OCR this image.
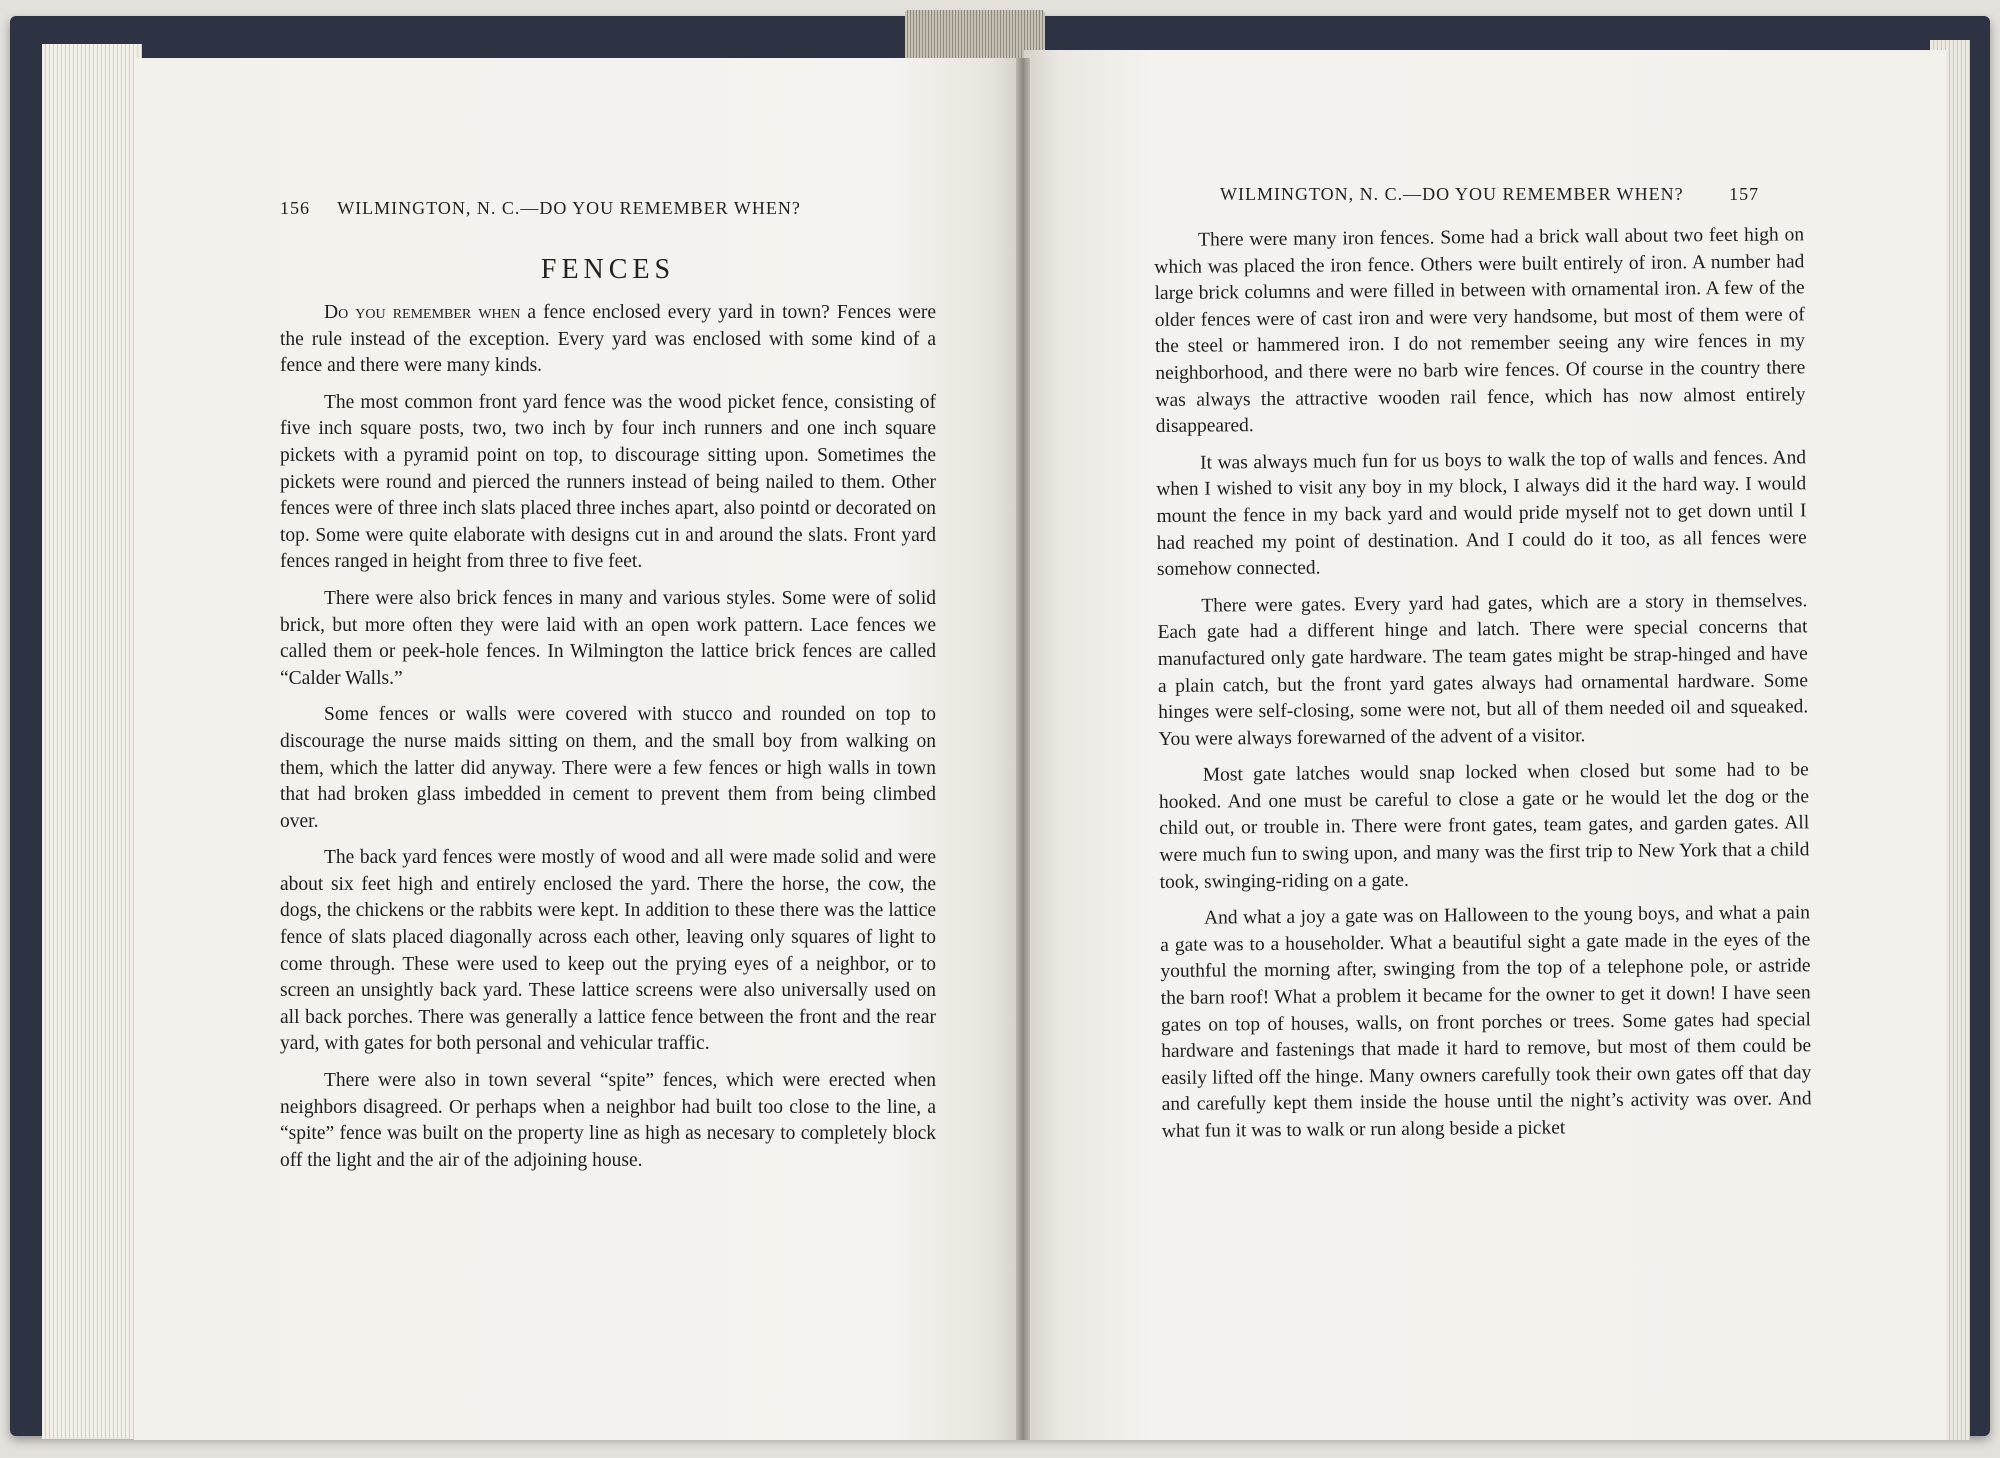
156 WILMINGTON, N. C.—DO YOU REMEMBER WHEN?
FENCES

Do you remember when a fence enclosed every yard in town? Fences were the rule instead of the exception. Every yard was enclosed with some kind of a fence and there were many kinds.

The most common front yard fence was the wood picket fence, consisting of five inch square posts, two, two inch by four inch runners and one inch square pickets with a pyramid point on top, to discourage sitting upon. Sometimes the pickets were round and pierced the runners instead of being nailed to them. Other fences were of three inch slats placed three inches apart, also pointd or decorated on top. Some were quite elaborate with designs cut in and around the slats. Front yard fences ranged in height from three to five feet.

There were also brick fences in many and various styles. Some were of solid brick, but more often they were laid with an open work pattern. Lace fences we called them or peek-hole fences. In Wilmington the lattice brick fences are called “Calder Walls.”

Some fences or walls were covered with stucco and rounded on top to discourage the nurse maids sitting on them, and the small boy from walking on them, which the latter did anyway. There were a few fences or high walls in town that had broken glass imbedded in cement to prevent them from being climbed over.

The back yard fences were mostly of wood and all were made solid and were about six feet high and entirely enclosed the yard. There the horse, the cow, the dogs, the chickens or the rabbits were kept. In addition to these there was the lattice fence of slats placed diagonally across each other, leaving only squares of light to come through. These were used to keep out the prying eyes of a neighbor, or to screen an unsightly back yard. These lattice screens were also universally used on all back porches. There was generally a lattice fence between the front and the rear yard, with gates for both personal and vehicular traffic.

There were also in town several “spite” fences, which were erected when neighbors disagreed. Or perhaps when a neighbor had built too close to the line, a “spite” fence was built on the property line as high as necesary to completely block off the light and the air of the adjoining house.

WILMINGTON, N. C.—DO YOU REMEMBER WHEN?	157

There were many iron fences. Some had a brick wall about two feet high on which was placed the iron fence. Others were built entirely of iron. A number had large brick columns and were filled in between with ornamental iron. A few of the older fences were of cast iron and were very handsome, but most of them were of the steel or hammered iron. I do not remember seeing any wire fences in my neighborhood, and there were no barb wire fences. Of course in the country there was always the attractive wooden rail fence, which has now almost entirely disappeared.

It was always much fun for us boys to walk the top of walls and fences. And when I wished to visit any boy in my block, I always did it the hard way. I would mount the fence in my back yard and would pride myself not to get down until I had reached my point of destination. And I could do it too, as all fences were somehow connected.

There were gates. Every yard had gates, which are a story in themselves. Each gate had a different hinge and latch. There were special concerns that manufactured only gate hardware. The team gates might be strap-hinged and have a plain catch, but the front yard gates always had ornamental hardware. Some hinges were self-closing, some were not, but all of them needed oil and squeaked. You were always forewarned of the advent of a visitor.

Most gate latches would snap locked when closed but some had to be hooked. And one must be careful to close a gate or he would let the dog or the child out, or trouble in. There were front gates, team gates, and garden gates. All were much fun to swing upon, and many was the first trip to New York that a child took, swinging-riding on a gate.

And what a joy a gate was on Halloween to the young boys, and what a pain a gate was to a householder. What a beautiful sight a gate made in the eyes of the youthful the morning after, swinging from the top of a telephone pole, or astride the barn roof! What a problem it became for the owner to get it down! I have seen gates on top of houses, walls, on front porches or trees. Some gates had special hardware and fastenings that made it hard to remove, but most of them could be easily lifted off the hinge. Many owners carefully took their own gates off that day and carefully kept them inside the house until the night’s activity was over. And what fun it was to walk or run along beside a picket
